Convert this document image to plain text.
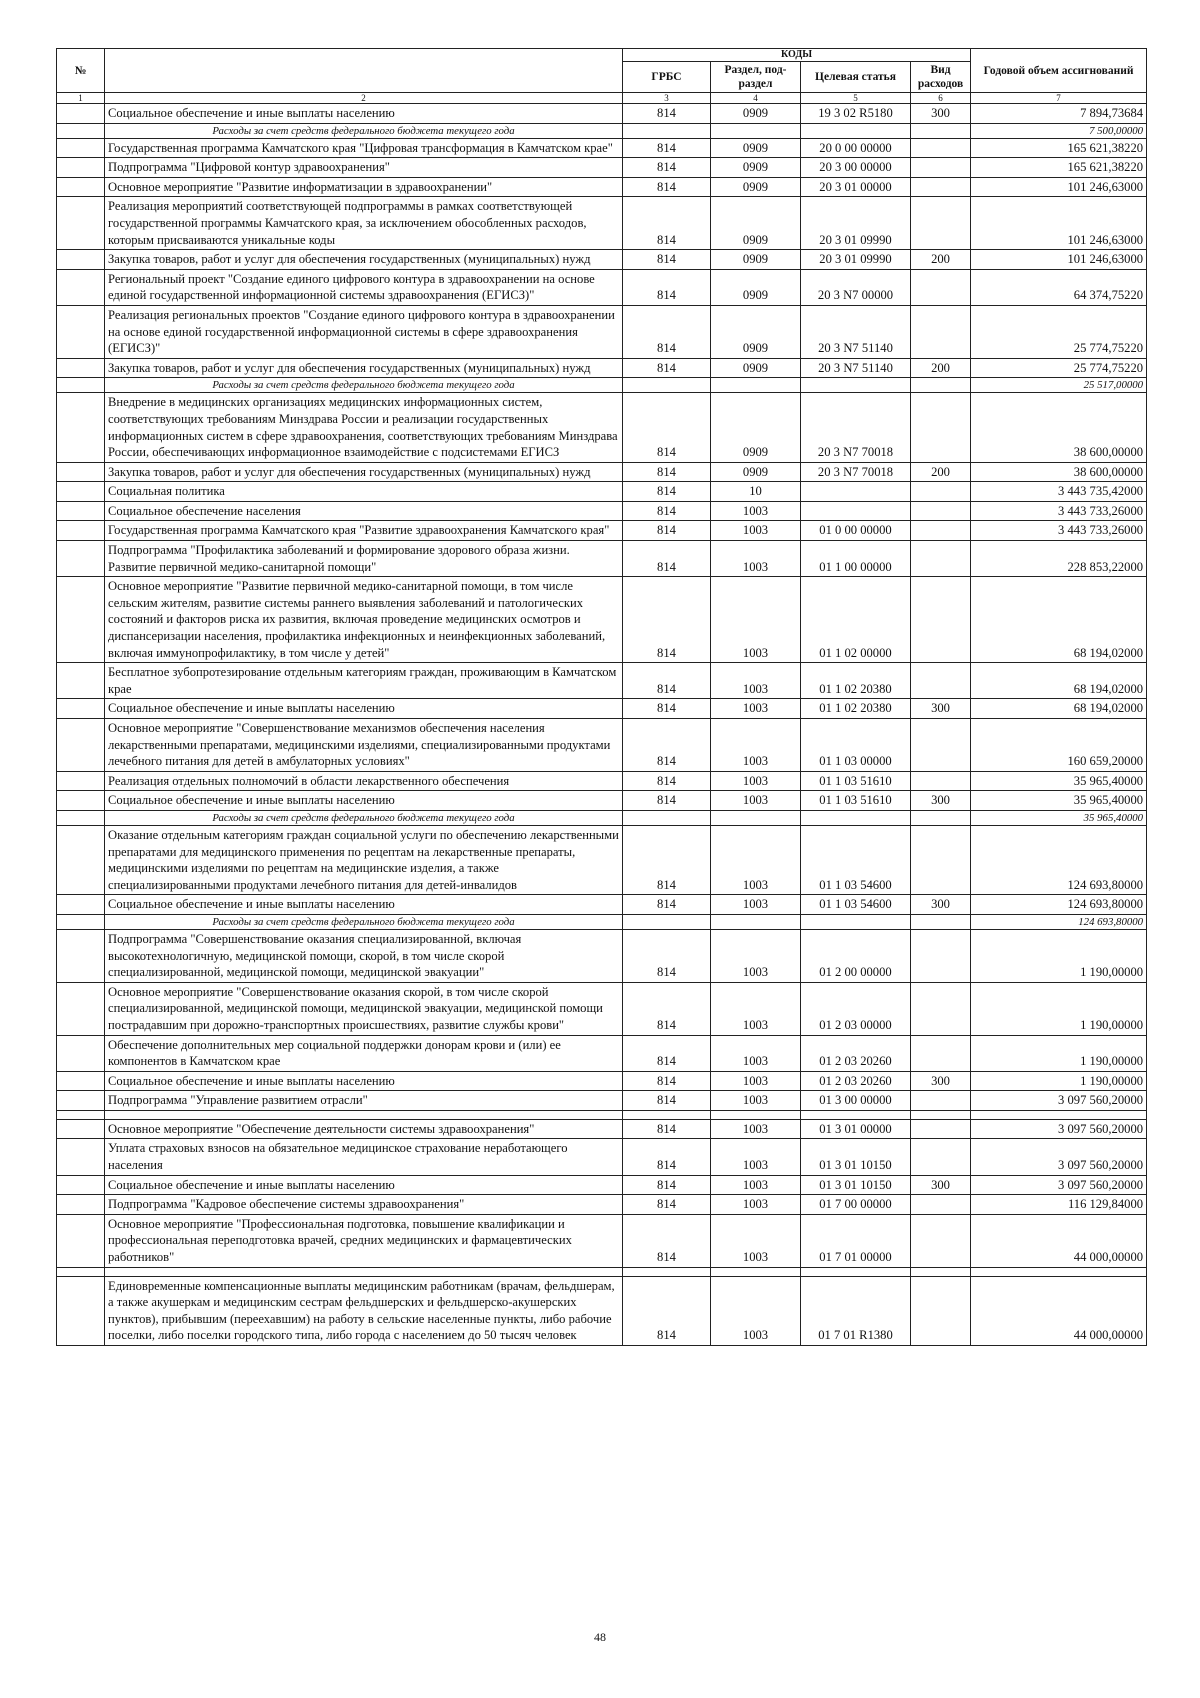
№		КОДЫ				Годовой объем ассигнований
		ГРБС	Раздел, под-раздел	Целевая статья	Вид расходов	
1	2	3	4	5	6	7
	Социальное обеспечение и иные выплаты населению	814	0909	19 3 02 R5180	300	7 894,73684
	Расходы за счет средств федерального бюджета текущего года					7 500,00000
	Государственная программа Камчатского края "Цифровая трансформация в Камчатском крае"	814	0909	20 0 00 00000		165 621,38220
	Подпрограмма "Цифровой контур здравоохранения"	814	0909	20 3 00 00000		165 621,38220
	Основное мероприятие "Развитие информатизации в здравоохранении"	814	0909	20 3 01 00000		101 246,63000
	Реализация мероприятий соответствующей подпрограммы в рамках соответствующей государственной программы Камчатского края, за исключением обособленных расходов, которым присваиваются уникальные коды	814	0909	20 3 01 09990		101 246,63000
	Закупка товаров, работ и услуг для обеспечения государственных (муниципальных) нужд	814	0909	20 3 01 09990	200	101 246,63000
	Региональный проект "Создание единого цифрового контура в здравоохранении на основе единой государственной информационной системы здравоохранения (ЕГИСЗ)"	814	0909	20 3 N7 00000		64 374,75220
	Реализация региональных проектов "Создание единого цифрового контура в здравоохранении на основе единой государственной информационной системы в сфере здравоохранения (ЕГИСЗ)"	814	0909	20 3 N7 51140		25 774,75220
	Закупка товаров, работ и услуг для обеспечения государственных (муниципальных) нужд	814	0909	20 3 N7 51140	200	25 774,75220
	Расходы за счет средств федерального бюджета текущего года					25 517,00000
	Внедрение в медицинских организациях медицинских информационных систем, соответствующих требованиям Минздрава России и реализации государственных информационных систем в сфере здравоохранения, соответствующих требованиям Минздрава России, обеспечивающих информационное взаимодействие с подсистемами ЕГИСЗ	814	0909	20 3 N7 70018		38 600,00000
	Закупка товаров, работ и услуг для обеспечения государственных (муниципальных) нужд	814	0909	20 3 N7 70018	200	38 600,00000
	Социальная политика	814	10			3 443 735,42000
	Социальное обеспечение населения	814	1003			3 443 733,26000
	Государственная программа Камчатского края "Развитие здравоохранения Камчатского края"	814	1003	01 0 00 00000		3 443 733,26000
	Подпрограмма "Профилактика заболеваний и формирование здорового образа жизни. Развитие первичной медико-санитарной помощи"	814	1003	01 1 00 00000		228 853,22000
	Основное мероприятие "Развитие первичной медико-санитарной помощи, в том числе сельским жителям, развитие системы раннего выявления заболеваний и патологических состояний и факторов риска их развития, включая проведение медицинских осмотров и диспансеризации населения, профилактика инфекционных и неинфекционных заболеваний, включая иммунопрофилактику, в том числе у детей"	814	1003	01 1 02 00000		68 194,02000
	Бесплатное зубопротезирование отдельным категориям граждан, проживающим в Камчатском крае	814	1003	01 1 02 20380		68 194,02000
	Социальное обеспечение и иные выплаты населению	814	1003	01 1 02 20380	300	68 194,02000
	Основное мероприятие "Совершенствование механизмов обеспечения населения лекарственными препаратами, медицинскими изделиями, специализированными продуктами лечебного питания для детей в амбулаторных условиях"	814	1003	01 1 03 00000		160 659,20000
	Реализация отдельных полномочий в области лекарственного обеспечения	814	1003	01 1 03 51610		35 965,40000
	Социальное обеспечение и иные выплаты населению	814	1003	01 1 03 51610	300	35 965,40000
	Расходы за счет средств федерального бюджета текущего года					35 965,40000
	Оказание отдельным категориям граждан социальной услуги по обеспечению лекарственными препаратами для медицинского применения по рецептам на лекарственные препараты, медицинскими изделиями по рецептам на медицинские изделия, а также специализированными продуктами лечебного питания для детей-инвалидов	814	1003	01 1 03 54600		124 693,80000
	Социальное обеспечение и иные выплаты населению	814	1003	01 1 03 54600	300	124 693,80000
	Расходы за счет средств федерального бюджета текущего года					124 693,80000
	Подпрограмма "Совершенствование оказания специализированной, включая высокотехнологичную, медицинской помощи, скорой, в том числе скорой специализированной, медицинской помощи, медицинской эвакуации"	814	1003	01 2 00 00000		1 190,00000
	Основное мероприятие "Совершенствование оказания скорой, в том числе скорой специализированной, медицинской помощи, медицинской эвакуации, медицинской помощи пострадавшим при дорожно-транспортных происшествиях, развитие службы крови"	814	1003	01 2 03 00000		1 190,00000
	Обеспечение дополнительных мер социальной поддержки донорам крови и (или) ее компонентов в Камчатском крае	814	1003	01 2 03 20260		1 190,00000
	Социальное обеспечение и иные выплаты населению	814	1003	01 2 03 20260	300	1 190,00000
	Подпрограмма "Управление развитием отрасли"	814	1003	01 3 00 00000		3 097 560,20000

	Основное мероприятие "Обеспечение деятельности системы здравоохранения"	814	1003	01 3 01 00000		3 097 560,20000
	Уплата страховых взносов на обязательное медицинское страхование неработающего населения	814	1003	01 3 01 10150		3 097 560,20000
	Социальное обеспечение и иные выплаты населению	814	1003	01 3 01 10150	300	3 097 560,20000
	Подпрограмма "Кадровое обеспечение системы здравоохранения"	814	1003	01 7 00 00000		116 129,84000
	Основное мероприятие "Профессиональная подготовка, повышение квалификации и профессиональная переподготовка врачей, средних медицинских и фармацевтических работников"	814	1003	01 7 01 00000		44 000,00000

	Единовременные компенсационные выплаты медицинским работникам (врачам, фельдшерам, а также акушеркам и медицинским сестрам фельдшерских и фельдшерско-акушерских пунктов), прибывшим (переехавшим) на работу в сельские населенные пункты, либо рабочие поселки, либо поселки городского типа, либо города с населением до 50 тысяч человек	814	1003	01 7 01 R1380		44 000,00000
48
